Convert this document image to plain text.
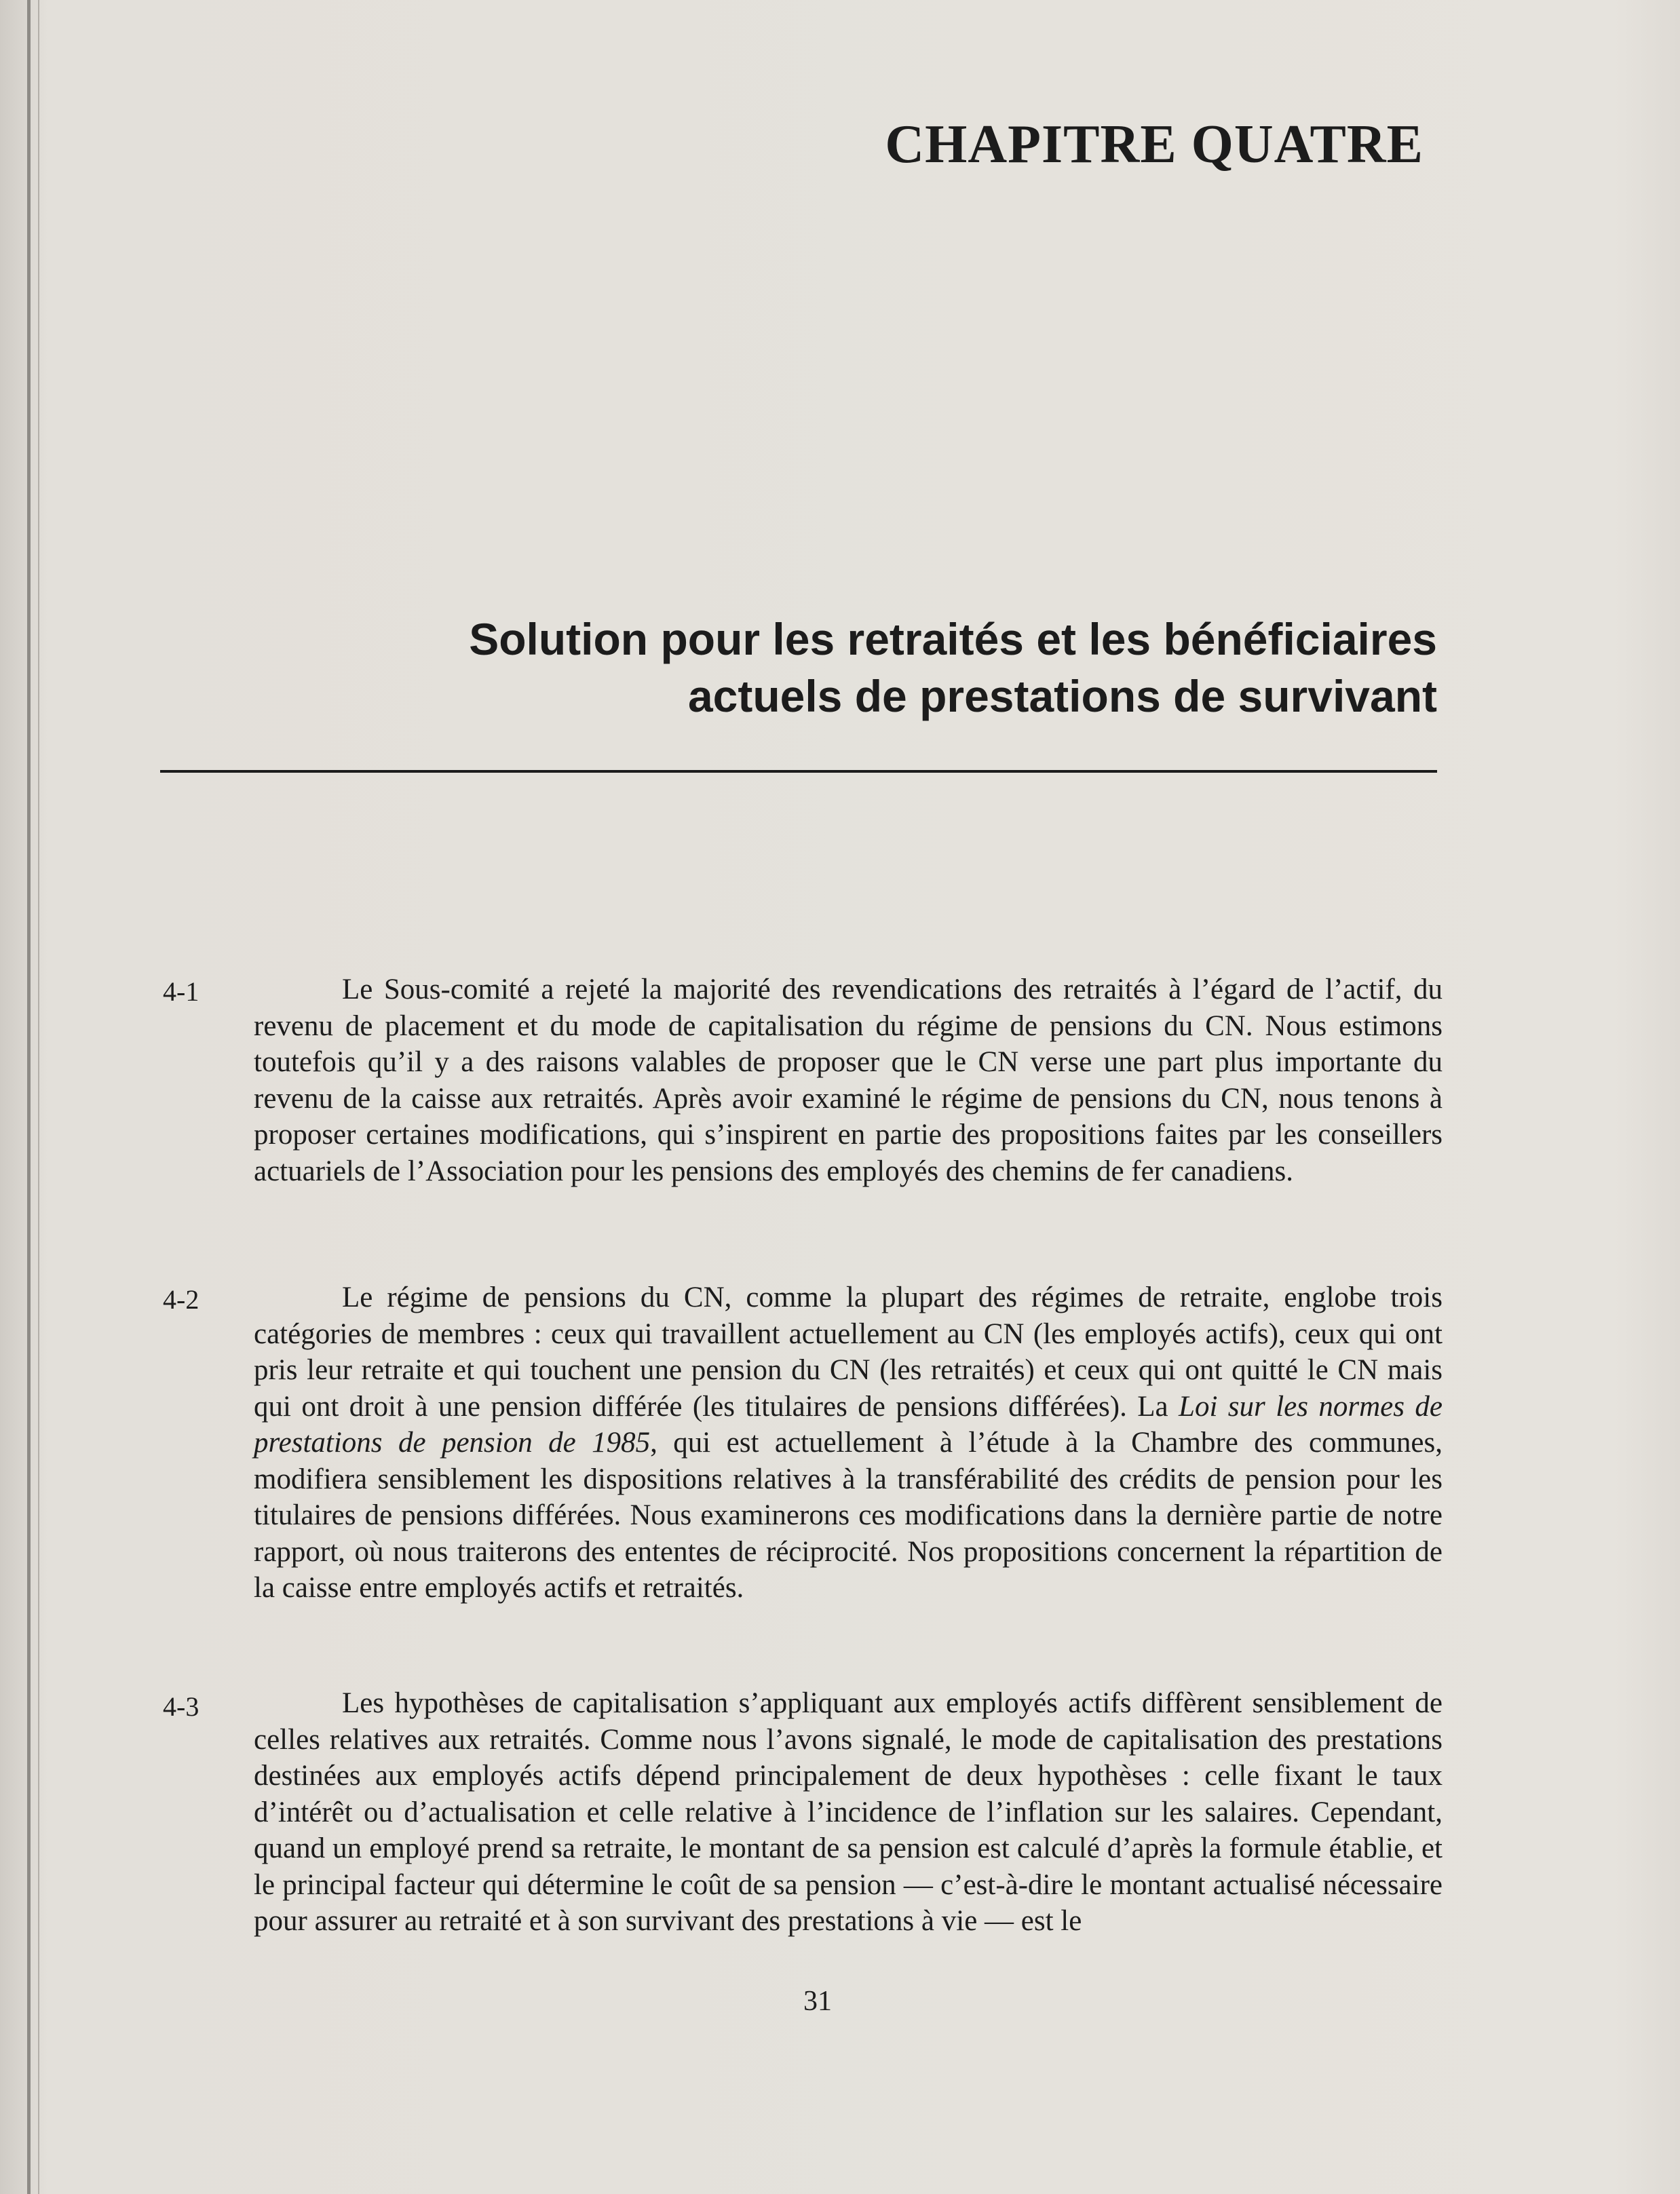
CHAPITRE QUATRE
Solution pour les retraités et les bénéficiaires
actuels de prestations de survivant
4-1	Le Sous-comité a rejeté la majorité des revendications des retraités à l’égard de l’actif, du revenu de placement et du mode de capitalisation du régime de pensions du CN. Nous estimons toutefois qu’il y a des raisons valables de proposer que le CN verse une part plus importante du revenu de la caisse aux retraités. Après avoir examiné le régime de pensions du CN, nous tenons à proposer certaines modifications, qui s’inspirent en partie des propositions faites par les conseillers actuariels de l’Association pour les pensions des employés des chemins de fer canadiens.

4-2	Le régime de pensions du CN, comme la plupart des régimes de retraite, englobe trois catégories de membres : ceux qui travaillent actuellement au CN (les employés actifs), ceux qui ont pris leur retraite et qui touchent une pension du CN (les retraités) et ceux qui ont quitté le CN mais qui ont droit à une pension différée (les titulaires de pensions différées). La Loi sur les normes de prestations de pension de 1985, qui est actuellement à l’étude à la Chambre des communes, modifiera sensiblement les dispositions relatives à la transférabilité des crédits de pension pour les titulaires de pensions différées. Nous examinerons ces modifications dans la dernière partie de notre rapport, où nous traiterons des ententes de réciprocité. Nos propositions concernent la répartition de la caisse entre employés actifs et retraités.

4-3	Les hypothèses de capitalisation s’appliquant aux employés actifs diffèrent sensiblement de celles relatives aux retraités. Comme nous l’avons signalé, le mode de capitalisation des prestations destinées aux employés actifs dépend principalement de deux hypothèses : celle fixant le taux d’intérêt ou d’actualisation et celle relative à l’incidence de l’inflation sur les salaires. Cependant, quand un employé prend sa retraite, le montant de sa pension est calculé d’après la formule établie, et le principal facteur qui détermine le coût de sa pension — c’est-à-dire le montant actualisé nécessaire pour assurer au retraité et à son survivant des prestations à vie — est le

31
